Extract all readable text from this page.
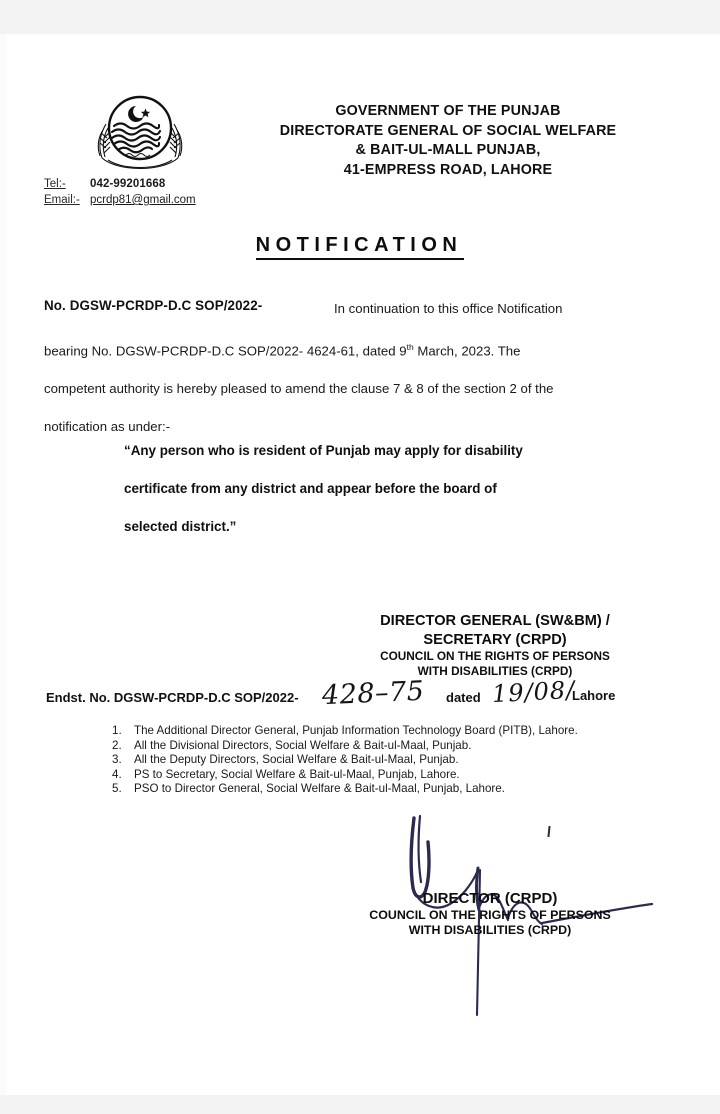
Tel:-	042-99201668
Email:- pcrdp81@gmail.com
GOVERNMENT OF THE PUNJAB
DIRECTORATE GENERAL OF SOCIAL WELFARE
& BAIT-UL-MALL PUNJAB,
41-EMPRESS ROAD, LAHORE
NOTIFICATION
No. DGSW-PCRDP-D.C SOP/2022-	In continuation to this office Notification
bearing No. DGSW-PCRDP-D.C SOP/2022- 4624-61, dated 9th March, 2023. The
competent authority is hereby pleased to amend the clause 7 & 8 of the section 2 of the
notification as under:-
“Any person who is resident of Punjab may apply for disability
certificate from any district and appear before the board of
selected district.”
DIRECTOR GENERAL (SW&BM) /
SECRETARY (CRPD)
COUNCIL ON THE RIGHTS OF PERSONS
WITH DISABILITIES (CRPD)
Endst. No. DGSW-PCRDP-D.C SOP/2022- 428–75 dated 19/08/
Lahore
1.	The Additional Director General, Punjab Information Technology Board (PITB), Lahore.
2.	All the Divisional Directors, Social Welfare & Bait-ul-Maal, Punjab.
3.	All the Deputy Directors, Social Welfare & Bait-ul-Maal, Punjab.
4.	PS to Secretary, Social Welfare & Bait-ul-Maal, Punjab, Lahore.
5.	PSO to Director General, Social Welfare & Bait-ul-Maal, Punjab, Lahore.
DIRECTOR (CRPD)
COUNCIL ON THE RIGHTS OF PERSONS
WITH DISABILITIES (CRPD)
